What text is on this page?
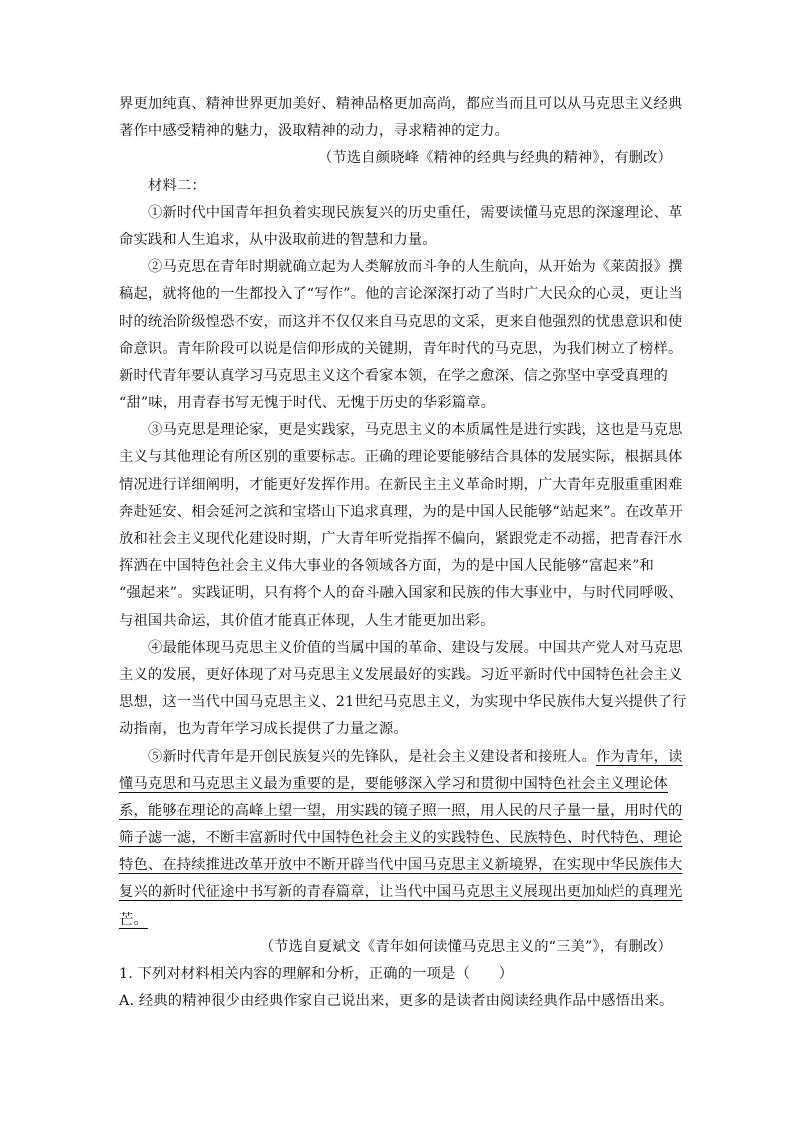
界更加纯真、精神世界更加美好、精神品格更加高尚，都应当而且可以从马克思主义经典
著作中感受精神的魅力，汲取精神的动力，寻求精神的定力。
（节选自颜晓峰《精神的经典与经典的精神》，有删改）
材料二：
①新时代中国青年担负着实现民族复兴的历史重任，需要读懂马克思的深邃理论、革
命实践和人生追求，从中汲取前进的智慧和力量。
②马克思在青年时期就确立起为人类解放而斗争的人生航向，从开始为《莱茵报》撰
稿起，就将他的一生都投入了“写作”。他的言论深深打动了当时广大民众的心灵，更让当
时的统治阶级惶恐不安，而这并不仅仅来自马克思的文采，更来自他强烈的忧患意识和使
命意识。青年阶段可以说是信仰形成的关键期，青年时代的马克思，为我们树立了榜样。
新时代青年要认真学习马克思主义这个看家本领，在学之愈深、信之弥坚中享受真理的
“甜”味，用青春书写无愧于时代、无愧于历史的华彩篇章。
③马克思是理论家，更是实践家，马克思主义的本质属性是进行实践，这也是马克思
主义与其他理论有所区别的重要标志。正确的理论要能够结合具体的发展实际，根据具体
情况进行详细阐明，才能更好发挥作用。在新民主主义革命时期，广大青年克服重重困难
奔赴延安、相会延河之滨和宝塔山下追求真理，为的是中国人民能够“站起来”。在改革开
放和社会主义现代化建设时期，广大青年听党指挥不偏向，紧跟党走不动摇，把青春汗水
挥洒在中国特色社会主义伟大事业的各领域各方面，为的是中国人民能够“富起来”和
“强起来”。实践证明，只有将个人的奋斗融入国家和民族的伟大事业中，与时代同呼吸、
与祖国共命运，其价值才能真正体现，人生才能更加出彩。
④最能体现马克思主义价值的当属中国的革命、建设与发展。中国共产党人对马克思
主义的发展，更好体现了对马克思主义发展最好的实践。习近平新时代中国特色社会主义
思想，这一当代中国马克思主义、21世纪马克思主义，为实现中华民族伟大复兴提供了行
动指南，也为青年学习成长提供了力量之源。
⑤新时代青年是开创民族复兴的先锋队，是社会主义建设者和接班人。作为青年，读
懂马克思和马克思主义最为重要的是，要能够深入学习和贯彻中国特色社会主义理论体
系，能够在理论的高峰上望一望，用实践的镜子照一照，用人民的尺子量一量，用时代的
筛子滤一滤，不断丰富新时代中国特色社会主义的实践特色、民族特色、时代特色、理论
特色、在持续推进改革开放中不断开辟当代中国马克思主义新境界，在实现中华民族伟大
复兴的新时代征途中书写新的青春篇章，让当代中国马克思主义展现出更加灿烂的真理光
芒。
（节选自夏斌文《青年如何读懂马克思主义的“三美”》，有删改）
1. 下列对材料相关内容的理解和分析，正确的一项是（　　）
A. 经典的精神很少由经典作家自己说出来，更多的是读者由阅读经典作品中感悟出来。
